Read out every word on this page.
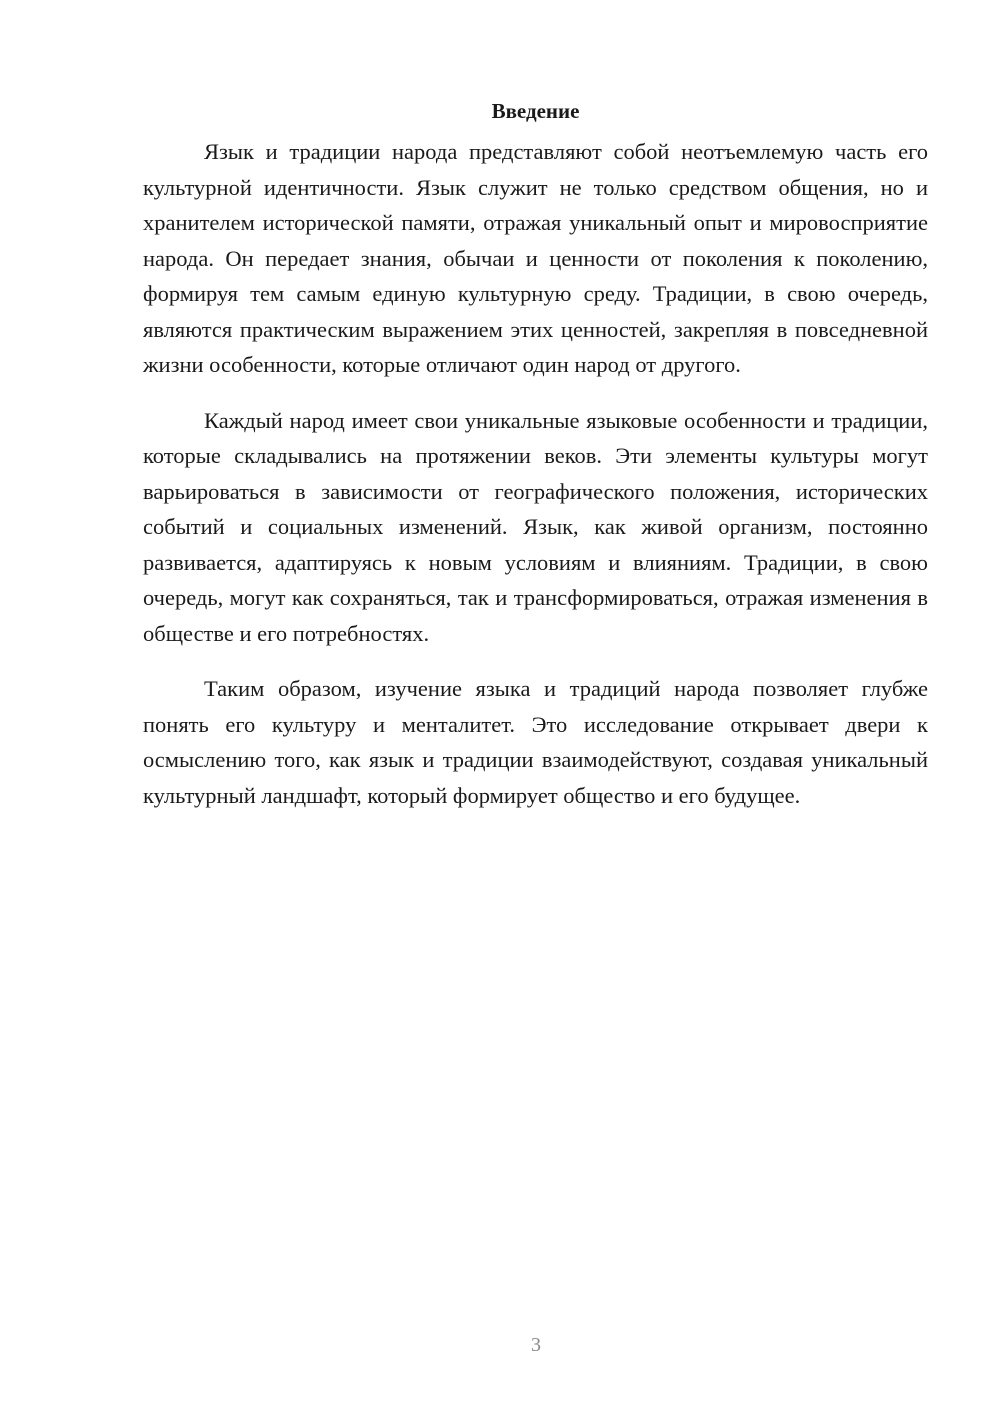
Введение

Язык и традиции народа представляют собой неотъемлемую часть его культурной идентичности. Язык служит не только средством общения, но и хранителем исторической памяти, отражая уникальный опыт и мировосприятие народа. Он передает знания, обычаи и ценности от поколения к поколению, формируя тем самым единую культурную среду. Традиции, в свою очередь, являются практическим выражением этих ценностей, закрепляя в повседневной жизни особенности, которые отличают один народ от другого.

Каждый народ имеет свои уникальные языковые особенности и традиции, которые складывались на протяжении веков. Эти элементы культуры могут варьироваться в зависимости от географического положения, исторических событий и социальных изменений. Язык, как живой организм, постоянно развивается, адаптируясь к новым условиям и влияниям. Традиции, в свою очередь, могут как сохраняться, так и трансформироваться, отражая изменения в обществе и его потребностях.

Таким образом, изучение языка и традиций народа позволяет глубже понять его культуру и менталитет. Это исследование открывает двери к осмыслению того, как язык и традиции взаимодействуют, создавая уникальный культурный ландшафт, который формирует общество и его будущее.

3
